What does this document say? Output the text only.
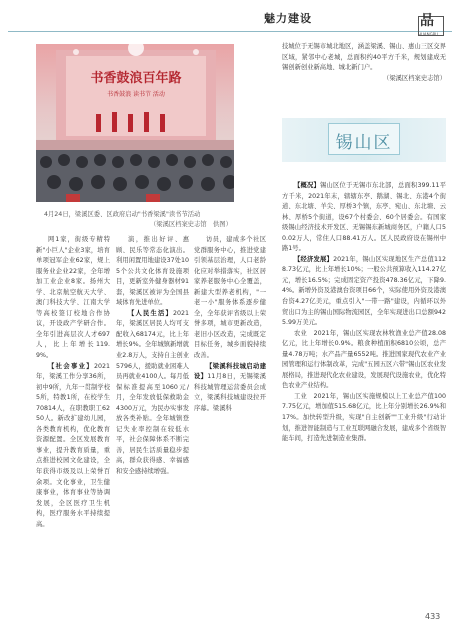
魅力建设	品
HUANGPU
书香鼓浪百年路
书香鼓浪 读书节 活动
4月24日，梁溪区委、区政府启动"书香梁溪"读书节活动
（梁溪区档案史志馆　供图）

网1家，街级专精特新"小巨人"企业3家，培育单项冠军企业62家，规上服务业企业22家，全年增加工业企业8家。扬州大学、北京航空航天大学、澳门科技大学、江南大学等高校签订校地合作协议，开设政产学研合作。全年引进高层次人才697人，比上年增长119.9%。

【社会事业】2021年，梁溪工作分享36所，初中9所，九年一贯制学校5所，特教1所，在校学生70814人，在职教职工6250人。新改扩建幼儿园，各类教育机构，优化教育资源配置。全区发展教育事业，提升教育质量，重点推进校园文化建设，全年获得市级及以上荣誉百余项。文化事业，卫生健康事业，体育事业等协调发展，全区医疗卫生机构，医疗服务水平持续提高。

演，推出好评、惠顾、民乐等常态化演出。利用闲置用地建设37处105个公共文化体育设施项目，更新室外健身器材91套，梁溪区被评为全国县域体育先进单位。

【人民生活】2021年，梁溪区居民人均可支配收入68174元，比上年增长9%。全年城镇新增就业2.8万人，支持自主创业5796人，援助就业困难人员再就业4100人。每月低保标准提高至1060元/月，全年发放低保救助金4300万元，为民办实事发放各类补贴。全年城镇登记失业率控制在较低水平，社会保障体系不断完善，居民生活质量稳步提高，群众获得感、幸福感和安全感持续增强。

访员，建成多个社区党群服务中心，推进党建引领基层治理，人口老龄化应对举措落实，社区居家养老服务中心全覆盖，新建大型养老机构，"一老一小"服务体系逐步健全，全年获评省级以上荣誉多项，城市更新改造，老旧小区改造，完成既定目标任务，城乡面貌持续改善。

【梁溪科技城启动建设】11月8日，无锡梁溪科技城管理运营委员会成立，梁溪科技城建设拉开序幕。梁溪科

技城位于无锡市城北地区，涵盖梁溪、锡山、惠山三区交界区域，紧邻中心老城，总面积约40平方千米，规划建成无锡创新创业新高地、城北新门户。

（梁溪区档案史志馆）

锡山区

【概况】锡山区位于无锡市东北部，总面积399.11平方千米，2021年末，辖辖东亭、鹅湖、锡北、东港4个街道、东北塘、羊尖、厚桥3个镇，东亭、宛山、东北塘、云林、厚桥5个街道，设67个村委会、60个居委会。有国家级锡山经济技术开发区、无锡锡东新城商务区，户籍人口50.02万人，常住人口88.41万人。区人民政府设在锡州中路1号。

【经济发展】2021年，锡山区实现地区生产总值1128.73亿元，比上年增长10%；一般公共预算收入114.27亿元，增长16.5%；完成固定资产投资478.36亿元，下降9.4%。新增外资及港澳台资项目66个，实际使用外资及港澳台资4.27亿美元，重点引入"一带一路"建设，内循环以外贸出口为主的锡山国际物流园区，全年实现进出口总额9425.99万美元。

农业　2021年，锡山区实现农林牧渔业总产值28.08亿元，比上年增长0.9%。粮食种植面积6810公顷，总产量4.78万吨；水产品产量6552吨。推进国家现代农业产业园管理和运行体制改革，完成"五园五区六带"锡山区农业发展格局，推进现代化农业建设，发展现代设施农业，优化特色农业产业结构。

工业　2021年，锡山区实施规模以上工业总产值1007.75亿元，增加值515.68亿元，比上年分别增长26.9%和17%。加快转型升级，实现"自主创新""工业升级"行动计划，推进智能制造与工业互联网融合发展，建成多个省级智能车间，打造先进制造业集群。

433
